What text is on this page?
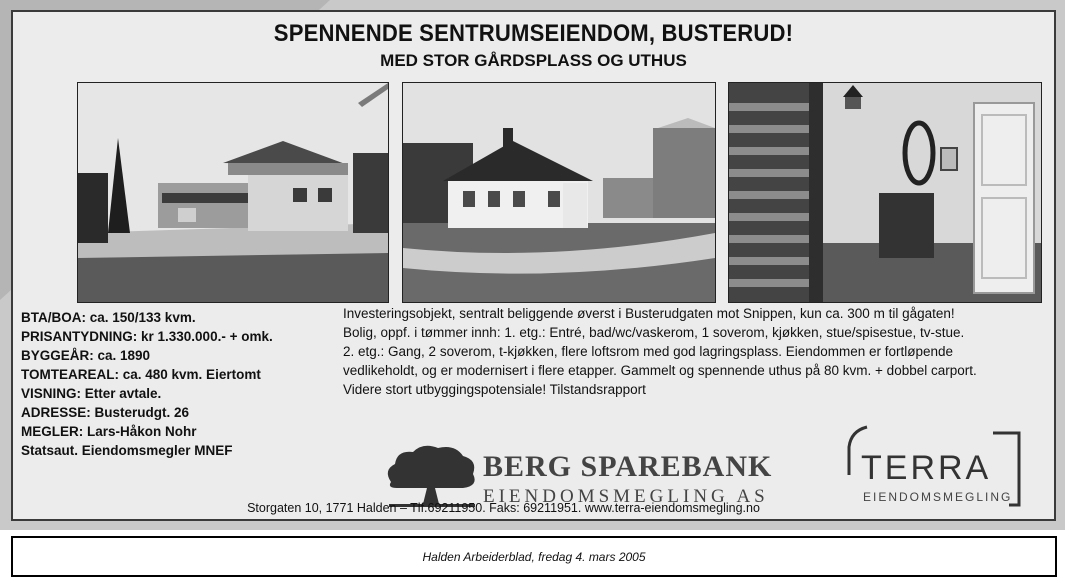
SPENNENDE SENTRUMSEIENDOM, BUSTERUD!
MED STOR GÅRDSPLASS OG UTHUS
BTA/BOA: ca. 150/133 kvm.
PRISANTYDNING: kr 1.330.000.- + omk.
BYGGEÅR: ca. 1890
TOMTEAREAL: ca. 480 kvm. Eiertomt
VISNING: Etter avtale.
ADRESSE: Busterudgt. 26
MEGLER: Lars-Håkon Nohr
Statsaut. Eiendomsmegler MNEF
Investeringsobjekt, sentralt beliggende øverst i Busterudgaten mot Snippen, kun ca. 300 m til gågaten!
Bolig, oppf. i tømmer innh: 1. etg.: Entré, bad/wc/vaskerom, 1 soverom, kjøkken, stue/spisestue, tv-stue.
2. etg.: Gang, 2 soverom, t-kjøkken, flere loftsrom med god lagringsplass. Eiendommen er fortløpende
vedlikeholdt, og er modernisert i flere etapper. Gammelt og spennende uthus på 80 kvm. + dobbel carport.
Videre stort utbyggingspotensiale! Tilstandsrapport
BERG SPAREBANK
EIENDOMSMEGLING AS
TERRA
EIENDOMSMEGLING
Storgaten 10, 1771 Halden – Tlf.69211950. Faks: 69211951. www.terra-eiendomsmegling.no
Halden Arbeiderblad, fredag 4. mars 2005
